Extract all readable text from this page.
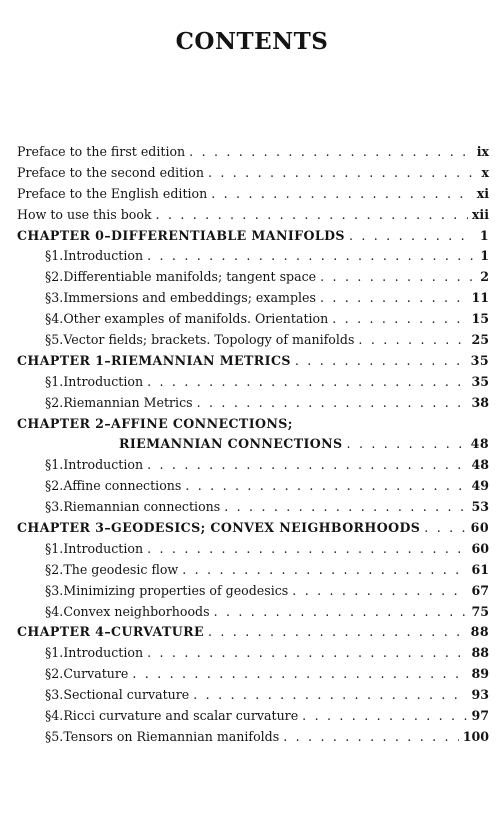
CONTENTS
Preface to the first edition . . .	ix
Preface to the second edition . . .	x
Preface to the English edition . . .	xi
How to use this book . . .	xii
CHAPTER 0–DIFFERENTIABLE MANIFOLDS . . .	1
§1. Introduction . . .	1
§2. Differentiable manifolds; tangent space . . .	2
§3. Immersions and embeddings; examples . . .	11
§4. Other examples of manifolds. Orientation . . .	15
§5. Vector fields; brackets. Topology of manifolds . . .	25
CHAPTER 1–RIEMANNIAN METRICS . . .	35
§1. Introduction . . .	35
§2. Riemannian Metrics . . .	38
CHAPTER 2–AFFINE CONNECTIONS;
RIEMANNIAN CONNECTIONS . . .	48
§1. Introduction . . .	48
§2. Affine connections . . .	49
§3. Riemannian connections . . .	53
CHAPTER 3–GEODESICS; CONVEX NEIGHBORHOODS . . .	60
§1. Introduction . . .	60
§2. The geodesic flow . . .	61
§3. Minimizing properties of geodesics . . .	67
§4. Convex neighborhoods . . .	75
CHAPTER 4–CURVATURE . . .	88
§1. Introduction . . .	88
§2. Curvature . . .	89
§3. Sectional curvature . . .	93
§4. Ricci curvature and scalar curvature . . .	97
§5. Tensors on Riemannian manifolds . . .	100
